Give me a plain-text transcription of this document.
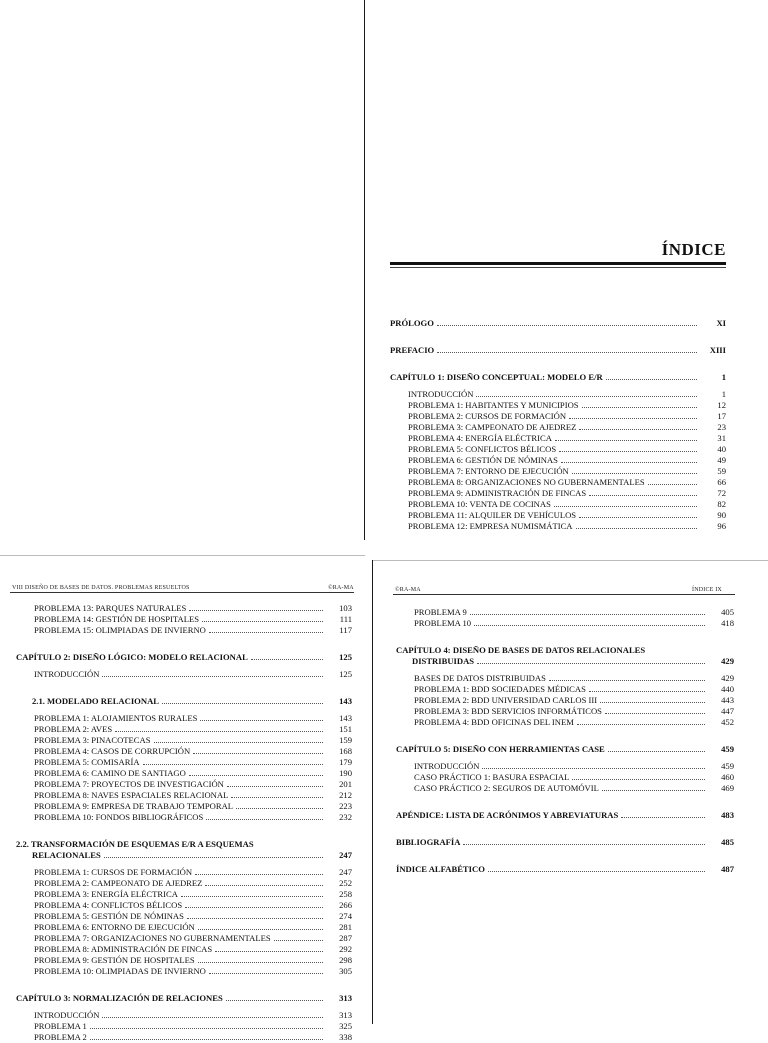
ÍNDICE
PRÓLOGO	XI
PREFACIO	XIII
CAPÍTULO 1: DISEÑO CONCEPTUAL: MODELO E/R	1
INTRODUCCIÓN	1
PROBLEMA 1: HABITANTES Y MUNICIPIOS	12
PROBLEMA 2: CURSOS DE FORMACIÓN	17
PROBLEMA 3: CAMPEONATO DE AJEDREZ	23
PROBLEMA 4: ENERGÍA ELÉCTRICA	31
PROBLEMA 5: CONFLICTOS BÉLICOS	40
PROBLEMA 6: GESTIÓN DE NÓMINAS	49
PROBLEMA 7: ENTORNO DE EJECUCIÓN	59
PROBLEMA 8: ORGANIZACIONES NO GUBERNAMENTALES	66
PROBLEMA 9: ADMINISTRACIÓN DE FINCAS	72
PROBLEMA 10: VENTA DE COCINAS	82
PROBLEMA 11: ALQUILER DE VEHÍCULOS	90
PROBLEMA 12: EMPRESA NUMISMÁTICA	96
VIII DISEÑO DE BASES DE DATOS. PROBLEMAS RESUELTOS	©RA-MA
PROBLEMA 13: PARQUES NATURALES	103
PROBLEMA 14: GESTIÓN DE HOSPITALES	111
PROBLEMA 15: OLIMPIADAS DE INVIERNO	117
CAPÍTULO 2: DISEÑO LÓGICO: MODELO RELACIONAL	125
INTRODUCCIÓN	125
2.1. MODELADO RELACIONAL	143
PROBLEMA 1: ALOJAMIENTOS RURALES	143
PROBLEMA 2: AVES	151
PROBLEMA 3: PINACOTECAS	159
PROBLEMA 4: CASOS DE CORRUPCIÓN	168
PROBLEMA 5: COMISARÍA	179
PROBLEMA 6: CAMINO DE SANTIAGO	190
PROBLEMA 7: PROYECTOS DE INVESTIGACIÓN	201
PROBLEMA 8: NAVES ESPACIALES RELACIONAL	212
PROBLEMA 9: EMPRESA DE TRABAJO TEMPORAL	223
PROBLEMA 10: FONDOS BIBLIOGRÁFICOS	232
2.2. TRANSFORMACIÓN DE ESQUEMAS E/R A ESQUEMAS
RELACIONALES	247
PROBLEMA 1: CURSOS DE FORMACIÓN	247
PROBLEMA 2: CAMPEONATO DE AJEDREZ	252
PROBLEMA 3: ENERGÍA ELÉCTRICA	258
PROBLEMA 4: CONFLICTOS BÉLICOS	266
PROBLEMA 5: GESTIÓN DE NÓMINAS	274
PROBLEMA 6: ENTORNO DE EJECUCIÓN	281
PROBLEMA 7: ORGANIZACIONES NO GUBERNAMENTALES	287
PROBLEMA 8: ADMINISTRACIÓN DE FINCAS	292
PROBLEMA 9: GESTIÓN DE HOSPITALES	298
PROBLEMA 10: OLIMPIADAS DE INVIERNO	305
CAPÍTULO 3: NORMALIZACIÓN DE RELACIONES	313
INTRODUCCIÓN	313
PROBLEMA 1	325
PROBLEMA 2	338
©RA-MA	ÍNDICE IX
PROBLEMA 9	405
PROBLEMA 10	418
CAPÍTULO 4: DISEÑO DE BASES DE DATOS RELACIONALES
DISTRIBUIDAS	429
BASES DE DATOS DISTRIBUIDAS	429
PROBLEMA 1: BDD SOCIEDADES MÉDICAS	440
PROBLEMA 2: BDD UNIVERSIDAD CARLOS III	443
PROBLEMA 3: BDD SERVICIOS INFORMÁTICOS	447
PROBLEMA 4: BDD OFICINAS DEL INEM	452
CAPÍTULO 5: DISEÑO CON HERRAMIENTAS CASE	459
INTRODUCCIÓN	459
CASO PRÁCTICO 1: BASURA ESPACIAL	460
CASO PRÁCTICO 2: SEGUROS DE AUTOMÓVIL	469
APÉNDICE: LISTA DE ACRÓNIMOS Y ABREVIATURAS	483
BIBLIOGRAFÍA	485
ÍNDICE ALFABÉTICO	487
